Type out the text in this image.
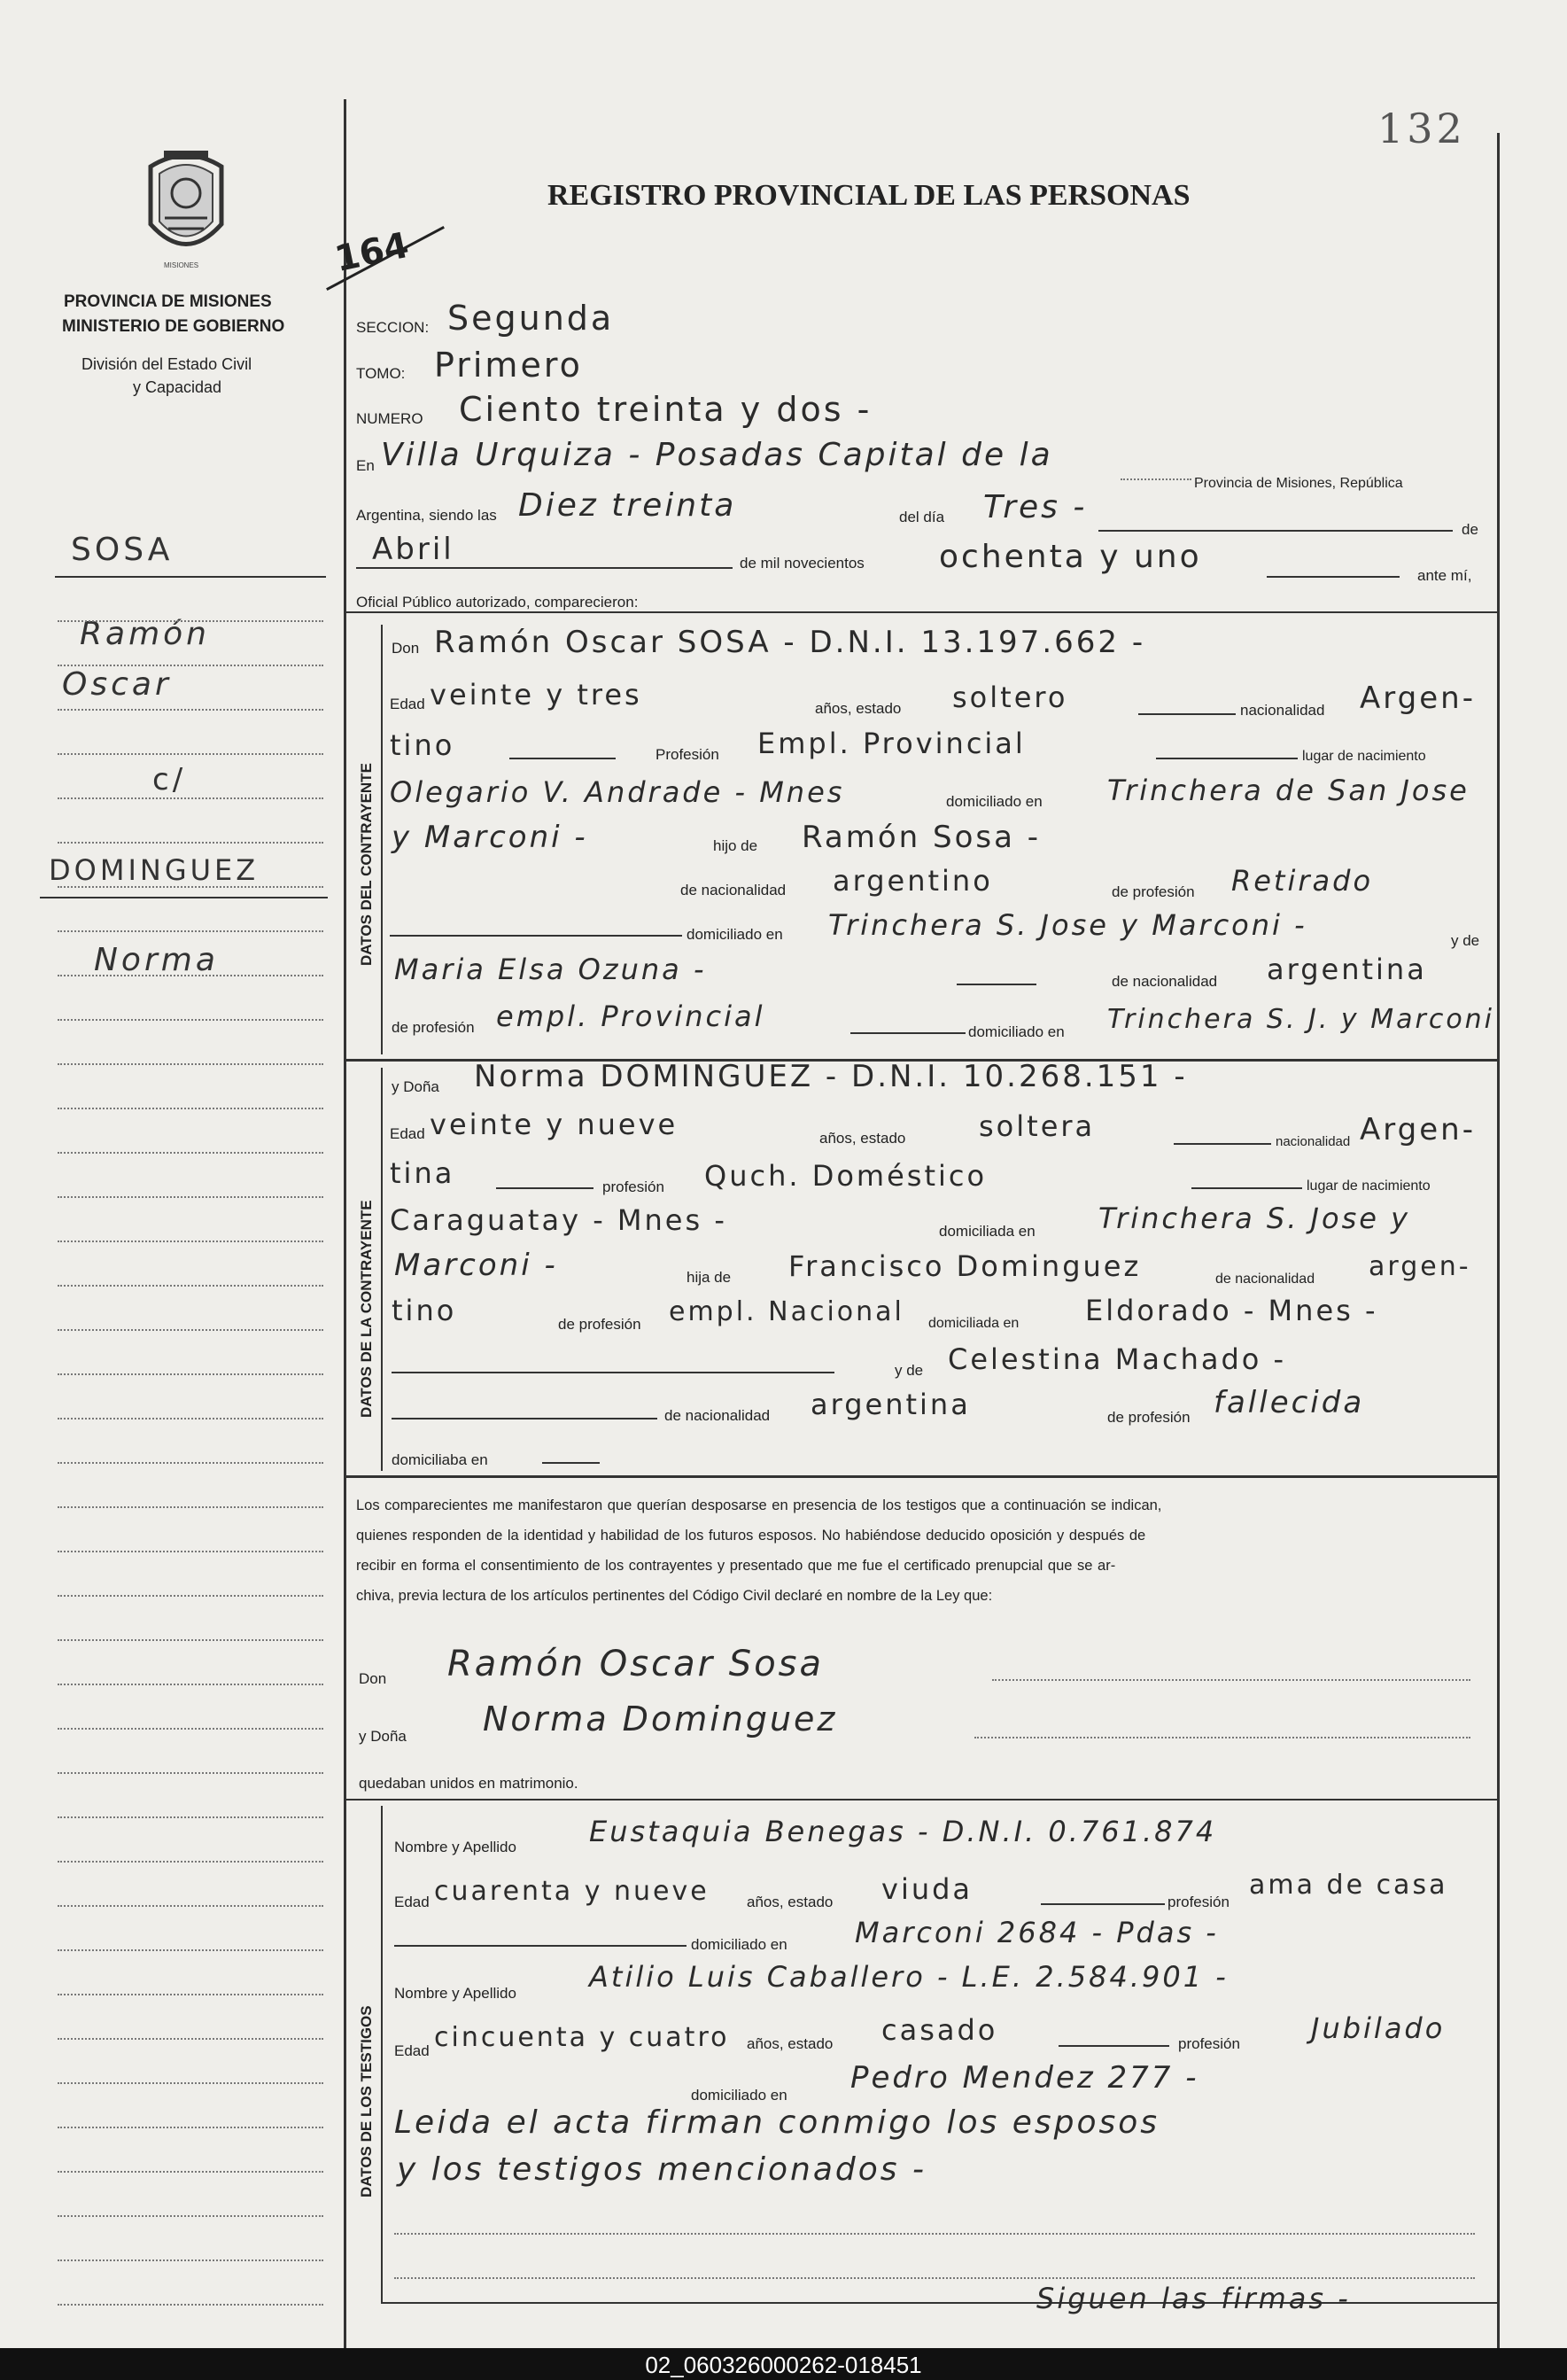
132
MISIONES	164
PROVINCIA DE MISIONES
MINISTERIO DE GOBIERNO
División del Estado Civil
y Capacidad
REGISTRO PROVINCIAL DE LAS PERSONAS
SOSA
Ramón
Oscar
c/
DOMINGUEZ
Norma
SECCION: Segunda
TOMO: Primero
NUMERO Ciento treinta y dos -
En Villa Urquiza - Posadas Capital de la
Provincia de Misiones, República
Argentina, siendo las Diez treinta	del día Tres -
de
Abril	de mil novecientos ochenta y uno
ante mí,
Oficial Público autorizado, comparecieron:
DATOS DEL CONTRAYENTE
Don Ramón Oscar SOSA - D.N.I. 13.197.662 -
Edad veinte y tres	años, estado soltero	nacionalidad Argen-
tino	Profesión Empl. Provincial	lugar de nacimiento
Olegario V. Andrade - Mnes	domiciliado en Trinchera de San Jose
y Marconi -	hijo de Ramón Sosa -
de nacionalidad argentino	de profesión Retirado
domiciliado en Trinchera S. Jose y Marconi -	y de
Maria Elsa Ozuna -	de nacionalidad argentina
de profesión empl. Provincial	domiciliado en Trinchera S. J. y Marconi
DATOS DE LA CONTRAYENTE
y Doña Norma DOMINGUEZ - D.N.I. 10.268.151 -
Edad veinte y nueve	años, estado	soltera	nacionalidad Argen-
tina	profesión Quch. Doméstico	lugar de nacimiento
Caraguatay - Mnes -	domiciliada en Trinchera S. Jose y
Marconi -	hija de Francisco Dominguez	de nacionalidad argen-
tino	de profesión empl. Nacional domiciliada en Eldorado - Mnes -
y de Celestina Machado -
de nacionalidad argentina	de profesión fallecida
domiciliaba en
Los comparecientes me manifestaron que querían desposarse en presencia de los testigos que a continuación se indican,
quienes responden de la identidad y habilidad de los futuros esposos. No habiéndose deducido oposición y después de
recibir en forma el consentimiento de los contrayentes y presentado que me fue el certificado prenupcial que se ar-
chiva, previa lectura de los artículos pertinentes del Código Civil declaré en nombre de la Ley que:
Don Ramón Oscar Sosa
y Doña Norma Dominguez
quedaban unidos en matrimonio.
DATOS DE LOS TESTIGOS
Nombre y Apellido	Eustaquia Benegas - D.N.I. 0.761.874
Edad cuarenta y nueve años, estado viuda	profesión
ama de casa
domiciliado en Marconi 2684 - Pdas -
Nombre y Apellido	Atilio Luis Caballero - L.E. 2.584.901 -
Edad cincuenta y cuatro años, estado casado	profesión	Jubilado
domiciliado en Pedro Mendez 277 -
Leida el acta firman conmigo los esposos
y los testigos mencionados -
Siguen las firmas -
02_060326000262-018451
